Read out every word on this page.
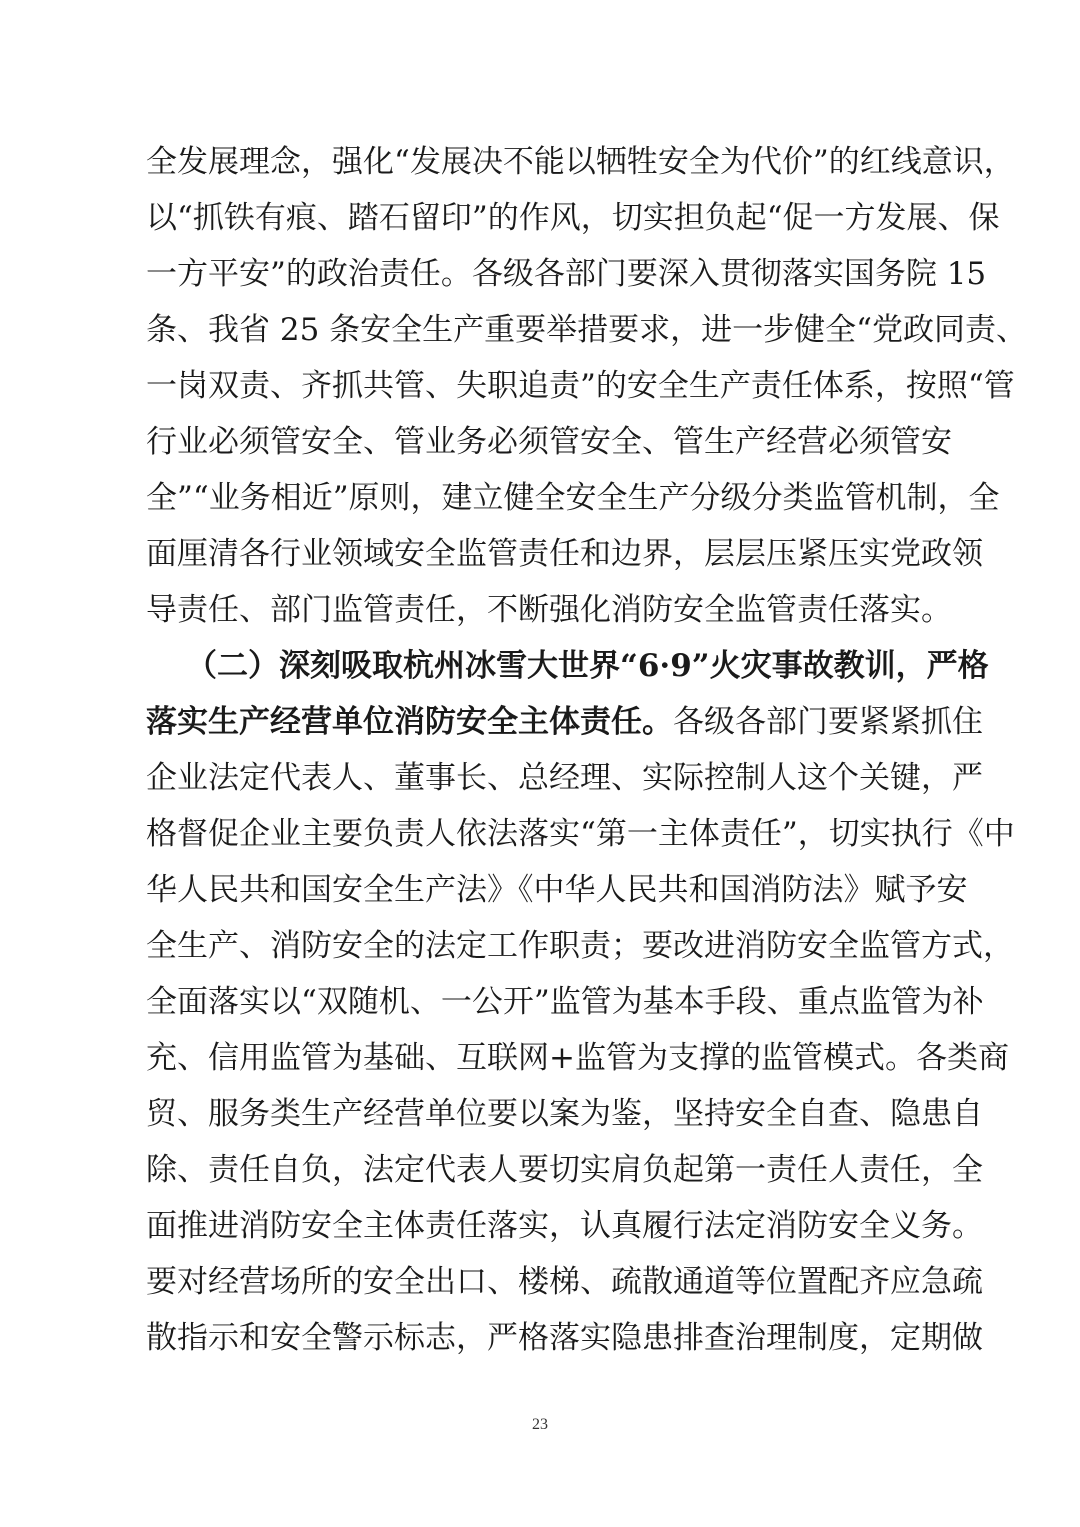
全发展理念，强化“发展决不能以牺牲安全为代价”的红线意识，
以“抓铁有痕、踏石留印”的作风，切实担负起“促一方发展、保
一方平安”的政治责任。各级各部门要深入贯彻落实国务院 15
条、我省 25 条安全生产重要举措要求，进一步健全“党政同责、
一岗双责、齐抓共管、失职追责”的安全生产责任体系，按照“管
行业必须管安全、管业务必须管安全、管生产经营必须管安
全”“业务相近”原则，建立健全安全生产分级分类监管机制，全
面厘清各行业领域安全监管责任和边界，层层压紧压实党政领
导责任、部门监管责任，不断强化消防安全监管责任落实。
（二）深刻吸取杭州冰雪大世界“6·9”火灾事故教训，严格
落实生产经营单位消防安全主体责任。各级各部门要紧紧抓住
企业法定代表人、董事长、总经理、实际控制人这个关键，严
格督促企业主要负责人依法落实“第一主体责任”，切实执行《中
华人民共和国安全生产法》《中华人民共和国消防法》赋予安
全生产、消防安全的法定工作职责；要改进消防安全监管方式，
全面落实以“双随机、一公开”监管为基本手段、重点监管为补
充、信用监管为基础、互联网+监管为支撑的监管模式。各类商
贸、服务类生产经营单位要以案为鉴，坚持安全自查、隐患自
除、责任自负，法定代表人要切实肩负起第一责任人责任，全
面推进消防安全主体责任落实，认真履行法定消防安全义务。
要对经营场所的安全出口、楼梯、疏散通道等位置配齐应急疏
散指示和安全警示标志，严格落实隐患排查治理制度，定期做
23
